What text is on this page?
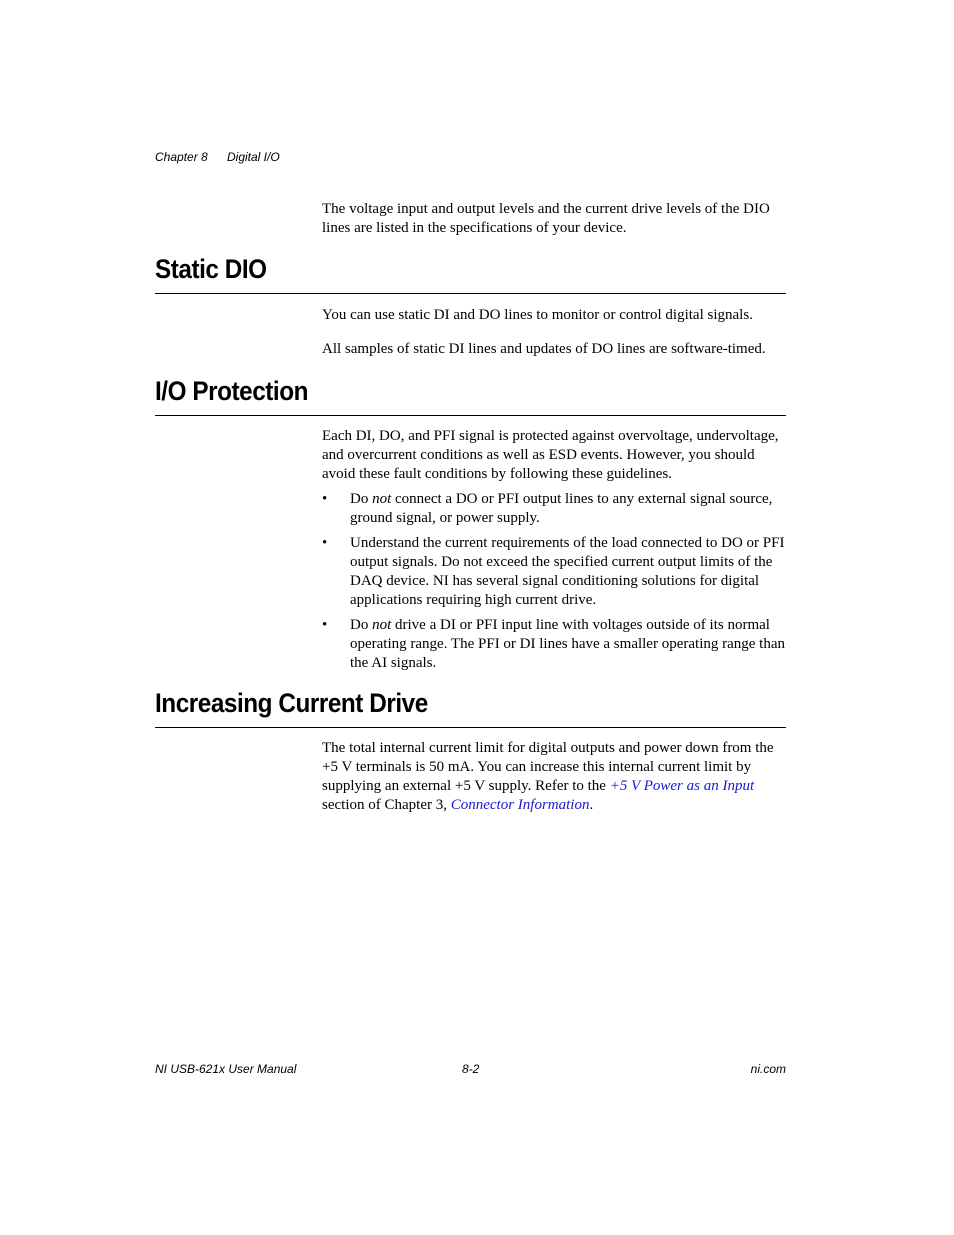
Chapter 8 Digital I/O

The voltage input and output levels and the current drive levels of the DIO lines are listed in the specifications of your device.

Static DIO

You can use static DI and DO lines to monitor or control digital signals.

All samples of static DI lines and updates of DO lines are software-timed.

I/O Protection

Each DI, DO, and PFI signal is protected against overvoltage, undervoltage, and overcurrent conditions as well as ESD events. However, you should avoid these fault conditions by following these guidelines.

• Do not connect a DO or PFI output lines to any external signal source, ground signal, or power supply.
• Understand the current requirements of the load connected to DO or PFI output signals. Do not exceed the specified current output limits of the DAQ device. NI has several signal conditioning solutions for digital applications requiring high current drive.
• Do not drive a DI or PFI input line with voltages outside of its normal operating range. The PFI or DI lines have a smaller operating range than the AI signals.
Increasing Current Drive

The total internal current limit for digital outputs and power down from the +5 V terminals is 50 mA. You can increase this internal current limit by supplying an external +5 V supply. Refer to the +5 V Power as an Input section of Chapter 3, Connector Information.

NI USB-621x User Manual	8-2	ni.com
